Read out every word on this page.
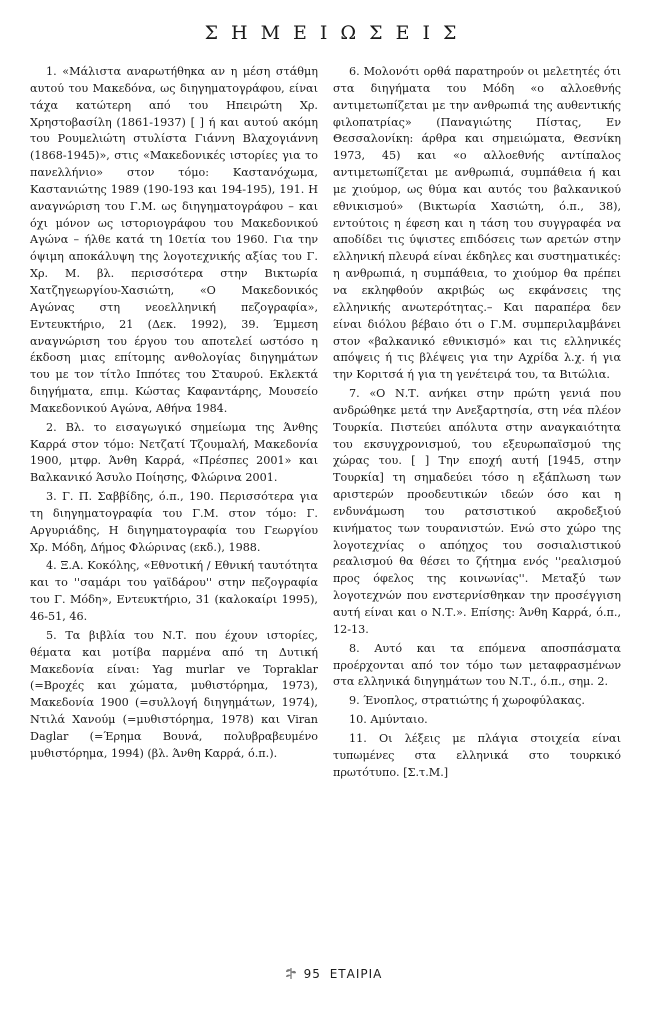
ΣΗΜΕΙΩΣΕΙΣ

1. «Μάλιστα αναρωτήθηκα αν η μέση στάθμη αυτού του Μακεδόνα, ως διηγηματογράφου, είναι τάχα κατώτερη από του Ηπειρώτη Χρ. Χρηστοβασίλη (1861-1937) [ ] ή και αυτού ακόμη του Ρουμελιώτη στυλίστα Γιάννη Βλαχογιάννη (1868-1945)», στις «Μακεδονικές ιστορίες για το πανελλήνιο» στον τόμο: Καστανόχωμα, Καστανιώτης 1989 (190-193 και 194-195), 191. Η αναγνώριση του Γ.Μ. ως διηγηματογράφου – και όχι μόνον ως ιστοριογράφου του Μακεδονικού Αγώνα – ήλθε κατά τη 10ετία του 1960. Για την όψιμη αποκάλυψη της λογοτεχνικής αξίας του Γ. Χρ. Μ. βλ. περισσότερα στην Βικτωρία Χατζηγεωργίου-Χασιώτη, «Ο Μακεδονικός Αγώνας στη νεοελληνική πεζογραφία», Εντευκτήριο, 21 (Δεκ. 1992), 39. Έμμεση αναγνώριση του έργου του αποτελεί ωστόσο η έκδοση μιας επίτομης ανθολογίας διηγημάτων του με τον τίτλο Ιππότες του Σταυρού. Εκλεκτά διηγήματα, επιμ. Κώστας Καφαντάρης, Μουσείο Μακεδονικού Αγώνα, Αθήνα 1984.

2. Βλ. το εισαγωγικό σημείωμα της Άνθης Καρρά στον τόμο: Νετζατί Τζουμαλή, Μακεδονία 1900, μτφρ. Άνθη Καρρά, «Πρέσπες 2001» και Βαλκανικό Άσυλο Ποίησης, Φλώρινα 2001.

3. Γ. Π. Σαββίδης, ό.π., 190. Περισσότερα για τη διηγηματογραφία του Γ.Μ. στον τόμο: Γ. Αργυριάδης, Η διηγηματογραφία του Γεωργίου Χρ. Μόδη, Δήμος Φλώρινας (εκδ.), 1988.

4. Ξ.Α. Κοκόλης, «Εθνοτική / Εθνική ταυτότητα και το ''σαμάρι του γαϊδάρου'' στην πεζογραφία του Γ. Μόδη», Εντευκτήριο, 31 (καλοκαίρι 1995), 46-51, 46.

5. Τα βιβλία του Ν.Τ. που έχουν ιστορίες, θέματα και μοτίβα παρμένα από τη Δυτική Μακεδονία είναι: Yag murlar ve Topraklar (=Βροχές και χώματα, μυθιστόρημα, 1973), Μακεδονία 1900 (=συλλογή διηγημάτων, 1974), Ντιλά Χανούμ (=μυθιστόρημα, 1978) και Viran Daglar (=Έρημα Βουνά, πολυβραβευμένο μυθιστόρημα, 1994) (βλ. Άνθη Καρρά, ό.π.).

6. Μολονότι ορθά παρατηρούν οι μελετητές ότι στα διηγήματα του Μόδη «ο αλλοεθνής αντιμετωπίζεται με την ανθρωπιά της αυθεντικής φιλοπατρίας» (Παναγιώτης Πίστας, Εν Θεσσαλονίκη: άρθρα και σημειώματα, Θεσνίκη 1973, 45) και «ο αλλοεθνής αντίπαλος αντιμετωπίζεται με ανθρωπιά, συμπάθεια ή και με χιούμορ, ως θύμα και αυτός του βαλκανικού εθνικισμού» (Βικτωρία Χασιώτη, ό.π., 38), εντούτοις η έφεση και η τάση του συγγραφέα να αποδίδει τις ύψιστες επιδόσεις των αρετών στην ελληνική πλευρά είναι έκδηλες και συστηματικές: η ανθρωπιά, η συμπάθεια, το χιούμορ θα πρέπει να εκληφθούν ακριβώς ως εκφάνσεις της ελληνικής ανωτερότητας.– Και παραπέρα δεν είναι διόλου βέβαιο ότι ο Γ.Μ. συμπεριλαμβάνει στον «βαλκανικό εθνικισμό» και τις ελληνικές απόψεις ή τις βλέψεις για την Αχρίδα λ.χ. ή για την Κοριτσά ή για τη γενέτειρά του, τα Βιτώλια.

7. «Ο Ν.Τ. ανήκει στην πρώτη γενιά που ανδρώθηκε μετά την Ανεξαρτησία, στη νέα πλέον Τουρκία. Πιστεύει απόλυτα στην αναγκαιότητα του εκσυγχρονισμού, του εξευρωπαϊσμού της χώρας του. [ ] Την εποχή αυτή [1945, στην Τουρκία] τη σημαδεύει τόσο η εξάπλωση των αριστερών προοδευτικών ιδεών όσο και η ενδυνάμωση του ρατσιστικού ακροδεξιού κινήματος των τουρανιστών. Ενώ στο χώρο της λογοτεχνίας ο απόηχος του σοσιαλιστικού ρεαλισμού θα θέσει το ζήτημα ενός ''ρεαλισμού προς όφελος της κοινωνίας''. Μεταξύ των λογοτεχνών που ενστερνίσθηκαν την προσέγγιση αυτή είναι και ο Ν.Τ.». Επίσης: Άνθη Καρρά, ό.π., 12-13.

8. Αυτό και τα επόμενα αποσπάσματα προέρχονται από τον τόμο των μεταφρασμένων στα ελληνικά διηγημάτων του Ν.Τ., ό.π., σημ. 2.

9. Ένοπλος, στρατιώτης ή χωροφύλακας.

10. Αμύνταιο.

11. Οι λέξεις με πλάγια στοιχεία είναι τυπωμένες στα ελληνικά στο τουρκικό πρωτότυπο. [Σ.τ.Μ.]

95 ΕΤΑΙΡΙΑ
